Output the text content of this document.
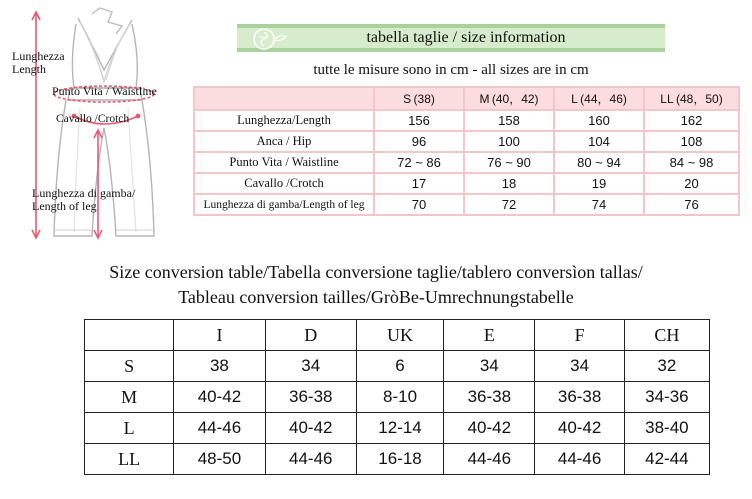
Lunghezza
Length
Punto Vita / Waistline
Cavallo /Crotch
Lunghezza di gamba/
Length of leg
tabella taglie / size information
tutte le misure sono in cm - all sizes are in cm
	S (38)	M (40，42)	L (44，46)	LL (48，50)
Lunghezza/Length	156	158	160	162
Anca / Hip	96	100	104	108
Punto Vita / Waistline	72 ~ 86	76 ~ 90	80 ~ 94	84 ~ 98
Cavallo /Crotch	17	18	19	20
Lunghezza di gamba/Length of leg	70	72	74	76
Size conversion table/Tabella conversione taglie/tablero conversìon tallas/
Tableau conversion tailles/GròBe-Umrechnungstabelle
	I	D	UK	E	F	CH
S	38	34	6	34	34	32
M	40-42	36-38	8-10	36-38	36-38	34-36
L	44-46	40-42	12-14	40-42	40-42	38-40
LL	48-50	44-46	16-18	44-46	44-46	42-44
